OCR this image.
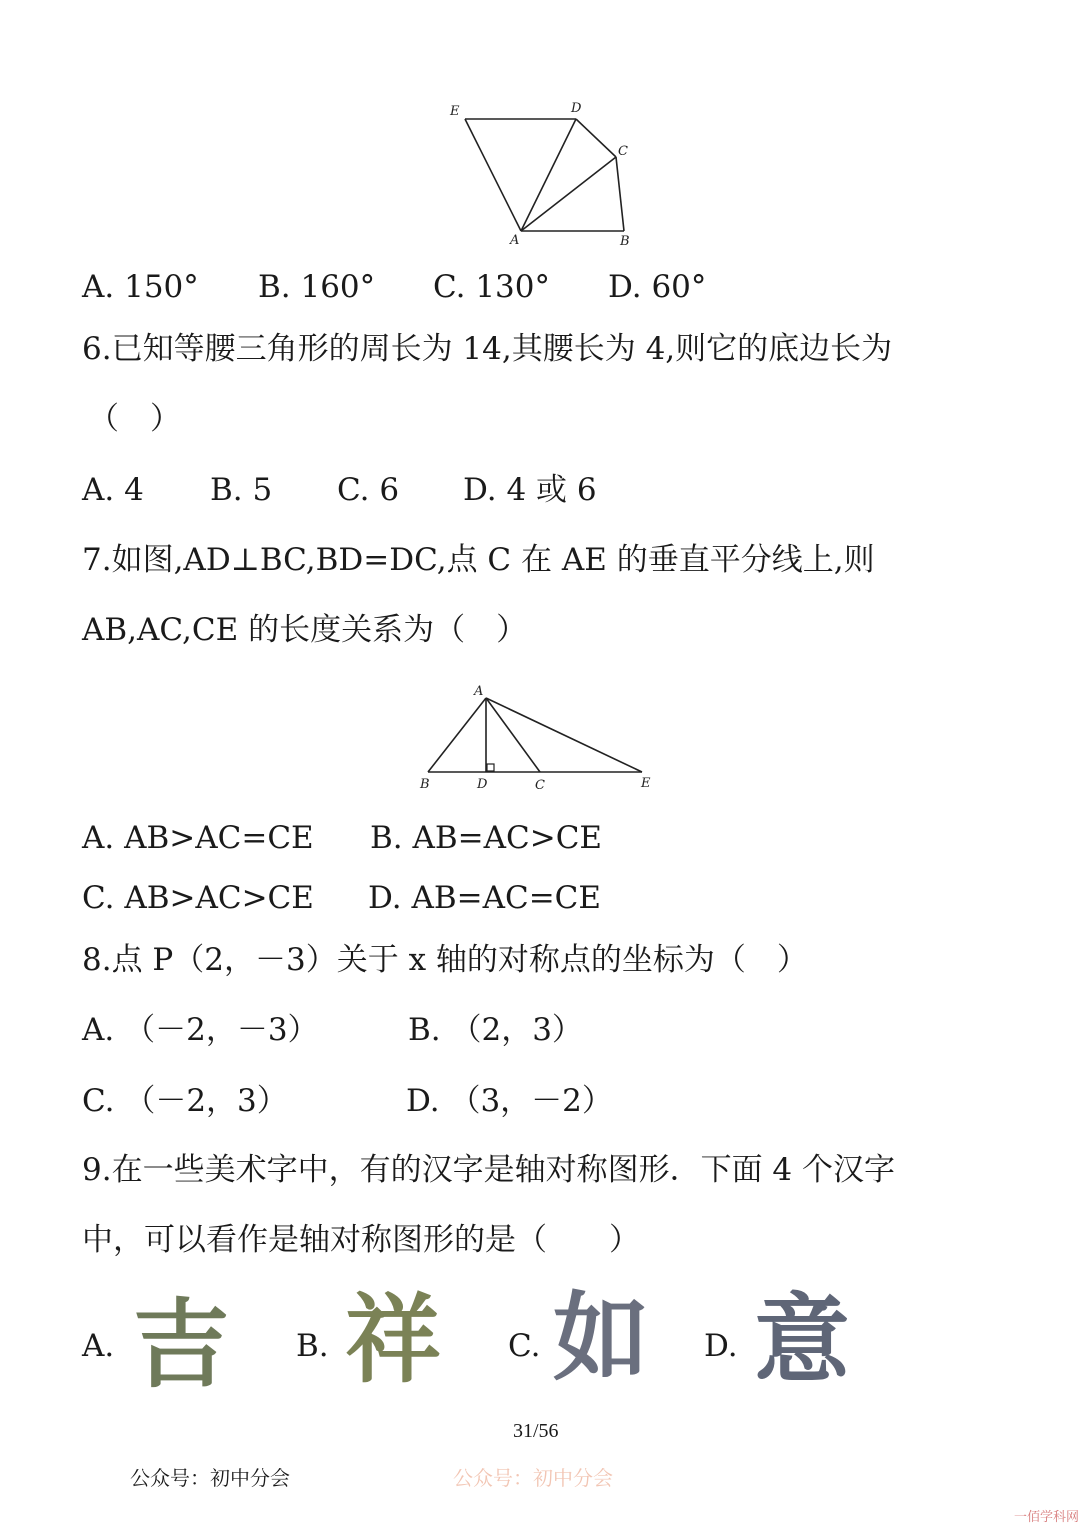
E	D
C
A	B
A. 150° B. 160° C. 130° D. 60°
6.已知等腰三角形的周长为 14,其腰长为 4,则它的底边长为
（　）
A. 4 B. 5 C. 6 D. 4 或 6
7.如图,AD⊥BC,BD=DC,点 C 在 AE 的垂直平分线上,则
AB,AC,CE 的长度关系为（　）
A
B	D	C	E
A. AB>AC=CE B. AB=AC>CE
C. AB>AC>CE D. AB=AC=CE
8.点 P（2，－3）关于 x 轴的对称点的坐标为（　）
A. （－2，－3）	B. （2，3）
C. （－2，3）	D. （3，－2）
9.在一些美术字中，有的汉字是轴对称图形．下面 4 个汉字
中，可以看作是轴对称图形的是（　　）
A. 吉 B. 祥 C. 如 D. 意
31/56
公众号：初中分会	公众号：初中分会
一佰学科网
